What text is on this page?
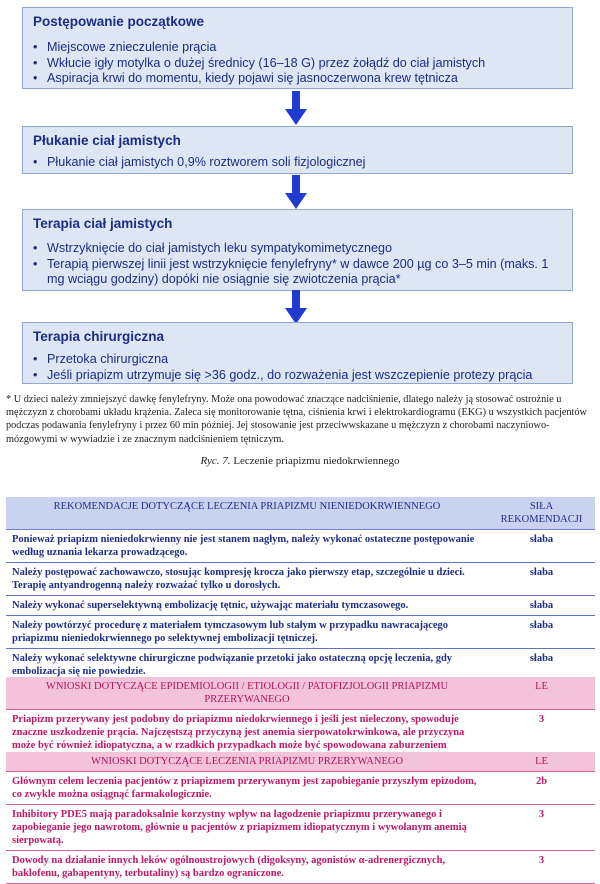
Postępowanie początkowe
• Miejscowe znieczulenie prącia
• Wkłucie igły motylka o dużej średnicy (16–18 G) przez żołądź do ciał jamistych
• Aspiracja krwi do momentu, kiedy pojawi się jasnoczerwona krew tętnicza
Płukanie ciał jamistych
• Płukanie ciał jamistych 0,9% roztworem soli fizjologicznej
Terapia ciał jamistych
• Wstrzyknięcie do ciał jamistych leku sympatykomimetycznego
• Terapią pierwszej linii jest wstrzyknięcie fenylefryny* w dawce 200 µg co 3–5 min (maks. 1 mg wciągu godziny) dopóki nie osiągnie się zwiotczenia prącia*
Terapia chirurgiczna
• Przetoka chirurgiczna
• Jeśli priapizm utrzymuje się >36 godz., do rozważenia jest wszczepienie protezy prącia
* U dzieci należy zmniejszyć dawkę fenylefryny. Może ona powodować znaczące nadciśnienie, dlatego należy ją stosować ostrożnie u mężczyzn z chorobami układu krążenia. Zaleca się monitorowanie tętna, ciśnienia krwi i elektrokardiogramu (EKG) u wszystkich pacjentów podczas podawania fenylefryny i przez 60 min później. Jej stosowanie jest przeciwwskazane u mężczyzn z chorobami naczyniowo-mózgowymi w wywiadzie i ze znacznym nadciśnieniem tętniczym.
Ryc. 7. Leczenie priapizmu niedokrwiennego
REKOMENDACJE DOTYCZĄCE LECZENIA PRIAPIZMU NIENIEDOKRWIENNEGO	SIŁA REKOMENDACJI
Ponieważ priapizm nieniedokrwienny nie jest stanem nagłym, należy wykonać ostateczne postępowanie według uznania lekarza prowadzącego.	słaba
Należy postępować zachowawczo, stosując kompresję krocza jako pierwszy etap, szczególnie u dzieci. Terapię antyandrogenną należy rozważać tylko u dorosłych.	słaba
Należy wykonać superselektywną embolizację tętnic, używając materiału tymczasowego.	słaba
Należy powtórzyć procedurę z materiałem tymczasowym lub stałym w przypadku nawracającego priapizmu nieniedokrwiennego po selektywnej embolizacji tętniczej.	słaba
Należy wykonać selektywne chirurgiczne podwiązanie przetoki jako ostateczną opcję leczenia, gdy embolizacja się nie powiedzie.	słaba
WNIOSKI DOTYCZĄCE EPIDEMIOLOGII / ETIOLOGII / PATOFIZJOLOGII PRIAPIZMU PRZERYWANEGO	LE
Priapizm przerywany jest podobny do priapizmu niedokrwiennego i jeśli jest nieleczony, spowoduje znaczne uszkodzenie prącia. Najczęstszą przyczyną jest anemia sierpowatokrwinkowa, ale przyczyna może być również idiopatyczna, a w rzadkich przypadkach może być spowodowana zaburzeniem	3
WNIOSKI DOTYCZĄCE LECZENIA PRIAPIZMU PRZERYWANEGO	LE
Głównym celem leczenia pacjentów z priapizmem przerywanym jest zapobieganie przyszłym epizodom, co zwykle można osiągnąć farmakologicznie.	2b
Inhibitory PDE5 mają paradoksalnie korzystny wpływ na łagodzenie priapizmu przerywanego i zapobieganie jego nawrotom, głównie u pacjentów z priapizmem idiopatycznym i wywołanym anemią sierpowatą.	3
Dowody na działanie innych leków ogólnoustrojowych (digoksyny, agonistów α-adrenergicznych, baklofenu, gabapentyny, terbutaliny) są bardzo ograniczone.	3
